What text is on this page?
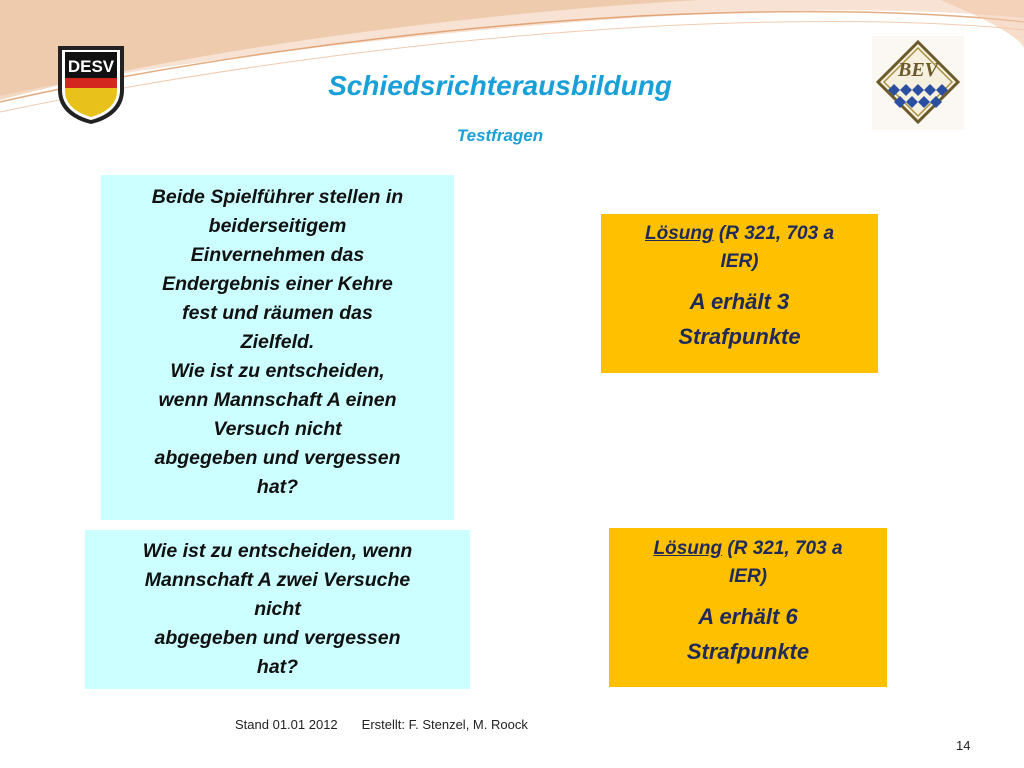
DESV	BEV
Schiedsrichterausbildung
Testfragen
Beide Spielführer stellen in
beiderseitigem
Einvernehmen das
Endergebnis einer Kehre
fest und räumen das
Zielfeld.
Wie ist zu entscheiden,
wenn Mannschaft A einen
Versuch nicht
abgegeben und vergessen
hat?
Lösung (R 321, 703 a
IER)
A erhält 3
Strafpunkte
Wie ist zu entscheiden, wenn
Mannschaft A zwei Versuche
nicht
abgegeben und vergessen
hat?
Lösung (R 321, 703 a
IER)
A erhält 6
Strafpunkte
Stand 01.01 2012 Erstellt: F. Stenzel, M. Roock
14
